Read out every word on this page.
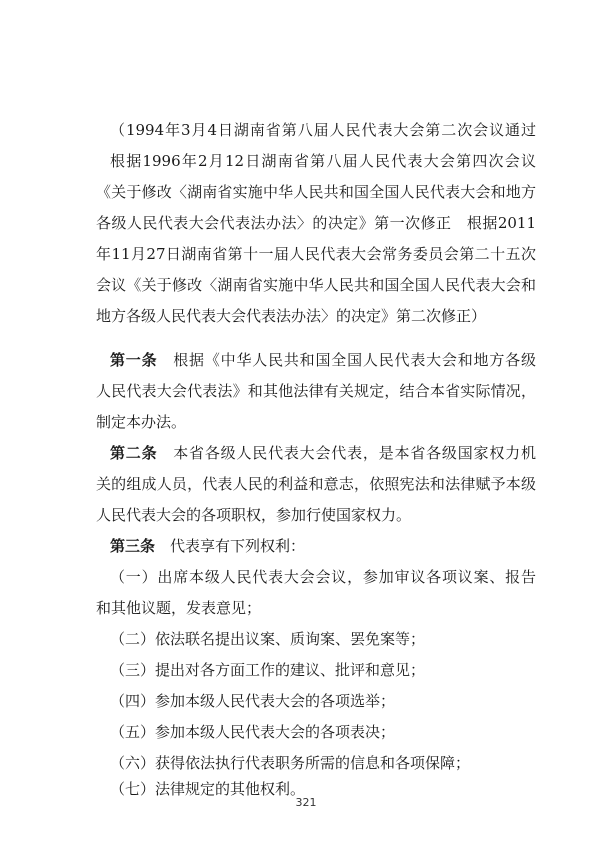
（1994年3月4日湖南省第八届人民代表大会第二次会议通过
根据1996年2月12日湖南省第八届人民代表大会第四次会议
《关于修改〈湖南省实施中华人民共和国全国人民代表大会和地方
各级人民代表大会代表法办法〉的决定》第一次修正　根据2011
年11月27日湖南省第十一届人民代表大会常务委员会第二十五次
会议《关于修改〈湖南省实施中华人民共和国全国人民代表大会和
地方各级人民代表大会代表法办法〉的决定》第二次修正）
第一条　 根据《中华人民共和国全国人民代表大会和地方各级
人民代表大会代表法》和其他法律有关规定，结合本省实际情况，
制定本办法。
第二条　 本省各级人民代表大会代表，是本省各级国家权力机
关的组成人员，代表人民的利益和意志，依照宪法和法律赋予本级
人民代表大会的各项职权，参加行使国家权力。
第三条　 代表享有下列权利：
（一）出席本级人民代表大会会议，参加审议各项议案、报告
和其他议题，发表意见；
（二）依法联名提出议案、质询案、罢免案等；
（三）提出对各方面工作的建议、批评和意见；
（四）参加本级人民代表大会的各项选举；
（五）参加本级人民代表大会的各项表决；
（六）获得依法执行代表职务所需的信息和各项保障；
（七）法律规定的其他权利。
321
